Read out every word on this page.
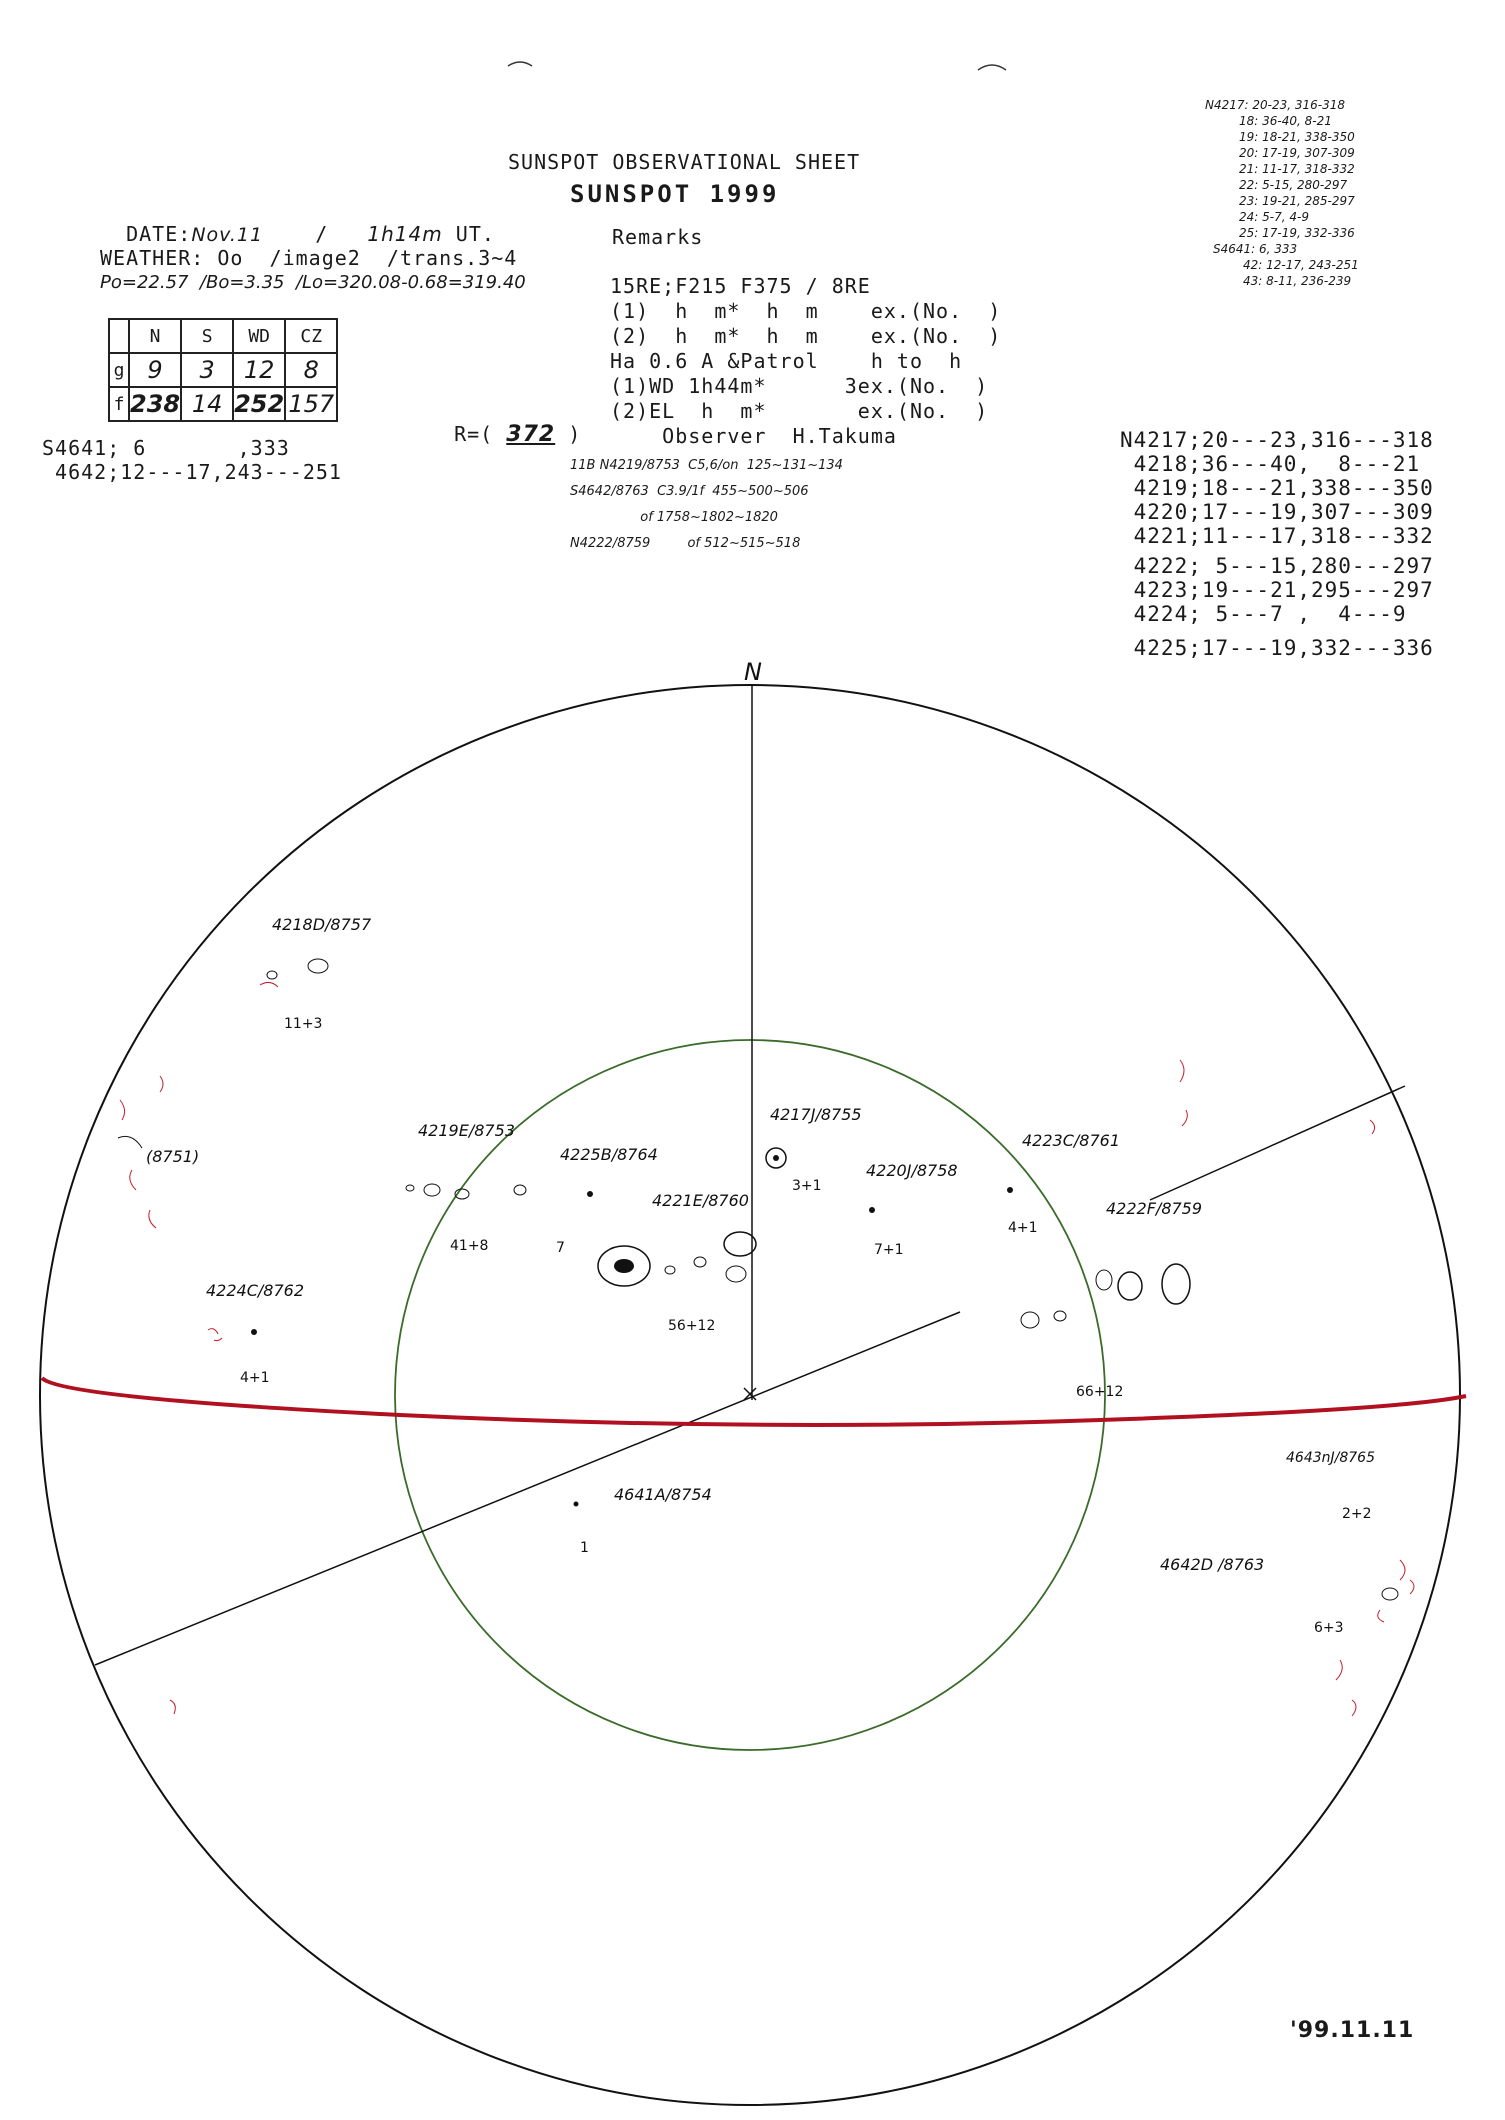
SUNSPOT OBSERVATIONAL SHEET
SUNSPOT 1999
Remarks

DATE:Nov.11	/ 1h14m UT.

WEATHER: Oo  /image2  /trans.3~4
Po=22.57  /Bo=3.35  /Lo=320.08-0.68=319.40
	N	S	WD	CZ
g	9	3	12	8
f	238	14	252	157

R=( 372 )

15RE;F215 F375 / 8RE
(1)  h  m*  h  m    ex.(No.  )
(2)  h  m*  h  m    ex.(No.  )
Ha 0.6 A &Patrol    h to  h
(1)WD 1h44m*      3ex.(No.  )
(2)EL  h  m*       ex.(No.  )
Observer  H.Takuma
S4641; 6       ,333
4642;12---17,243---251	11B N4219/8753  C5,6/on  125~131~134
S4642/8763  C3.9/1f  455~500~506
of 1758~1802~1820
N4222/8759         of 512~515~518
N4217: 20-23, 316-318
18: 36-40, 8-21
19: 18-21, 338-350
20: 17-19, 307-309
21: 11-17, 318-332
22: 5-15, 280-297
23: 19-21, 285-297
24: 5-7, 4-9
25: 17-19, 332-336
S4641: 6, 333
42: 12-17, 243-251
43: 8-11, 236-239
N4217;20---23,316---318
4218;36---40,  8---21
4219;18---21,338---350
4220;17---19,307---309
4221;11---17,318---332
4222; 5---15,280---297
4223;19---21,295---297
4224; 5---7 ,  4---9
4225;17---19,332---336
N
4218D/8757
11+3
4219E/8753
41+8
4225B/8764
7
4221E/8760
56+12
4217J/8755
3+1
4220J/8758
7+1
4223C/8761
4+1
4222F/8759
66+12
4224C/8762
4+1
4641A/8754
1
4643nJ/8765
2+2
4642D /8763
6+3
(8751)
'99.11.11
